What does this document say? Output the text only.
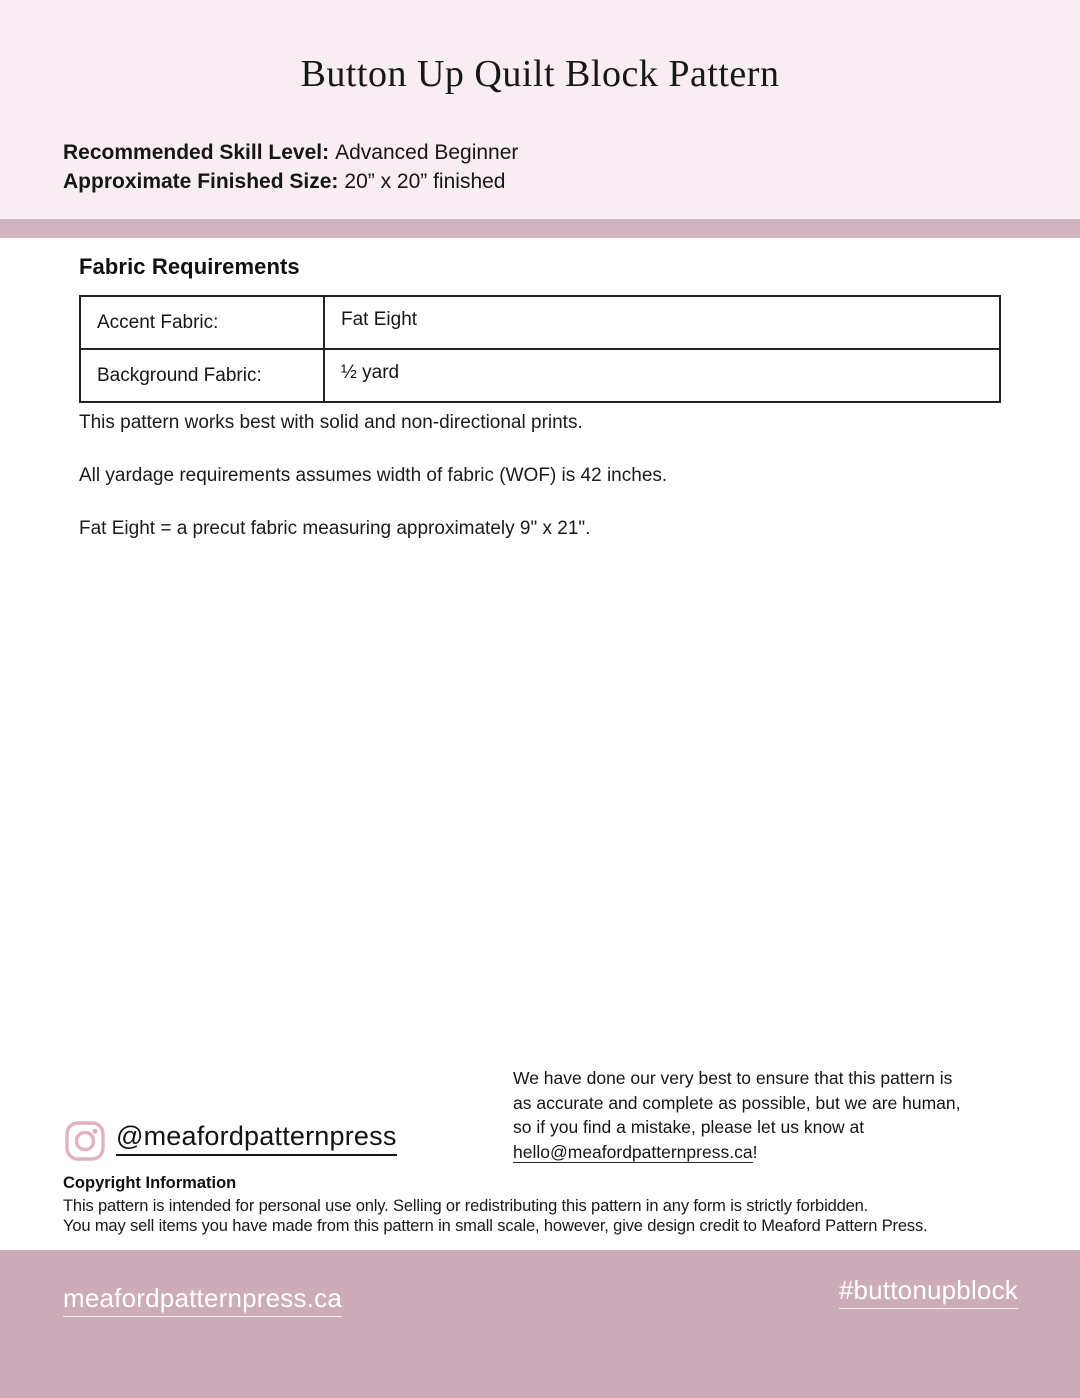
Button Up Quilt Block Pattern
Recommended Skill Level: Advanced Beginner
Approximate Finished Size: 20” x 20” finished
Fabric Requirements
Accent Fabric:	Fat Eight
Background Fabric:	½ yard

This pattern works best with solid and non-directional prints.

All yardage requirements assumes width of fabric (WOF) is 42 inches.

Fat Eight = a precut fabric measuring approximately 9" x 21".

We have done our very best to ensure that this pattern is
as accurate and complete as possible, but we are human,
so if you find a mistake, please let us know at
hello@meafordpatternpress.ca!
@meafordpatternpress
Copyright Information

This pattern is intended for personal use only. Selling or redistributing this pattern in any form is strictly forbidden.

You may sell items you have made from this pattern in small scale, however, give design credit to Meaford Pattern Press.

meafordpatternpress.ca	#buttonupblock
